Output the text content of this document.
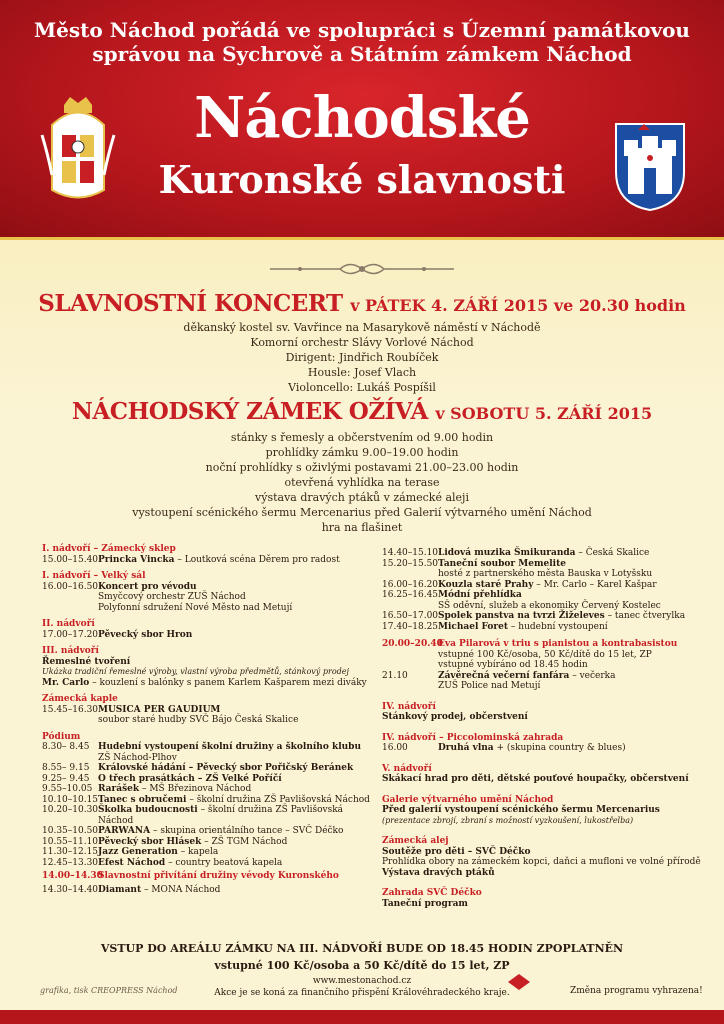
Město Náchod pořádá ve spolupráci s Územní památkovou
správou na Sychrově a Státním zámkem Náchod
Náchodské
Kuronské slavnosti
SLAVNOSTNÍ KONCERT v PÁTEK 4. ZÁŘÍ 2015 ve 20.30 hodin
děkanský kostel sv. Vavřince na Masarykově náměstí v Náchodě
Komorní orchestr Slávy Vorlové Náchod
Dirigent: Jindřich Roubíček
Housle: Josef Vlach
Violoncello: Lukáš Pospíšil
NÁCHODSKÝ ZÁMEK OŽÍVÁ v SOBOTU 5. ZÁŘÍ 2015
stánky s řemesly a občerstvením od 9.00 hodin
prohlídky zámku 9.00–19.00 hodin
noční prohlídky s oživlými postavami 21.00–23.00 hodin
otevřená vyhlídka na terase
výstava dravých ptáků v zámecké aleji
vystoupení scénického šermu Mercenarius před Galerií výtvarného umění Náchod
hra na flašinet
I. nádvoří – Zámecký sklep
15.00–15.40 Princka Vincka – Loutková scéna Děrem pro radost
I. nádvoří – Velký sál
16.00–16.50 Koncert pro vévodu
Smyčcový orchestr ZUŠ Náchod
Polyfonní sdružení Nové Město nad Metují
II. nádvoří
17.00–17.20 Pěvecký sbor Hron
III. nádvoří
Řemeslné tvoření
Ukázka tradiční řemeslné výroby, vlastní výroba předmětů, stánkový prodej
Mr. Carlo – kouzlení s balónky s panem Karlem Kašparem mezi diváky
Zámecká kaple
15.45–16.30 MUSICA PER GAUDIUM
soubor staré hudby SVČ Bájo Česká Skalice
Pódium
8.30– 8.45 Hudební vystoupení školní družiny a školního klubu
ZŠ Náchod-Plhov
8.55– 9.15 Královské hádání – Pěvecký sbor Pořičský Beránek
9.25– 9.45 O třech prasátkách – ZŠ Velké Poříčí
9.55–10.05 Rarášek – MŠ Březinova Náchod
10.10–10.15 Tanec s obručemi – školní družina ZŠ Pavlišovská Náchod
10.20–10.30 Školka budoucnosti – školní družina ZŠ Pavlišovská Náchod
10.35–10.50 PARWANA – skupina orientálního tance – SVČ Déčko
10.55–11.10 Pěvecký sbor Hlásek – ZŠ TGM Náchod
11.30–12.15 Jazz Generation – kapela
12.45–13.30 Efest Náchod – country beatová kapela
14.00–14.30
Slavnostní přivítání družiny vévody Kuronského
14.30–14.40 Diamant – MONA Náchod
14.40–15.10 Lidová muzika Šmikuranda – Česká Skalice
15.20–15.50 Taneční soubor Memelite
hosté z partnerského města Bauska v Lotyšsku
16.00–16.20 Kouzla staré Prahy – Mr. Carlo – Karel Kašpar
16.25–16.45 Módní přehlídka
SŠ oděvní, služeb a ekonomiky Červený Kostelec
16.50–17.00 Spolek panstva na tvrzi Žiželeves – tanec čtverylka
17.40–18.25 Michael Foret – hudební vystoupení
20.00–20.40
Eva Pilarová v triu s pianistou a kontrabasistou
vstupné 100 Kč/osoba, 50 Kč/dítě do 15 let, ZP
vstupné vybíráno od 18.45 hodin
21.10	Závěrečná večerní fanfára – večerka
ZUŠ Police nad Metují
IV. nádvoří
Stánkový prodej, občerstvení
IV. nádvoří – Piccolominská zahrada
16.00	Druhá vlna + (skupina country & blues)
V. nádvoří
Skákací hrad pro děti, dětské pouťové houpačky, občerstvení
Galerie výtvarného umění Náchod
Před galerií vystoupení scénického šermu Mercenarius
(prezentace zbrojí, zbraní s možností vyzkoušení, lukostřelba)
Zámecká alej
Soutěže pro děti – SVČ Déčko
Prohlídka obory na zámeckém kopci, daňci a mufloni ve volné přírodě
Výstava dravých ptáků
Zahrada SVČ Déčko
Taneční program
VSTUP DO AREÁLU ZÁMKU NA III. NÁDVOŘÍ BUDE OD 18.45 HODIN ZPOPLATNĚN
vstupné 100 Kč/osoba a 50 Kč/dítě do 15 let, ZP
www.mestonachod.cz
Akce je se koná za finančního přispění Královéhradeckého kraje.
grafika, tisk CREOPRESS Náchod	Změna programu vyhrazena!
